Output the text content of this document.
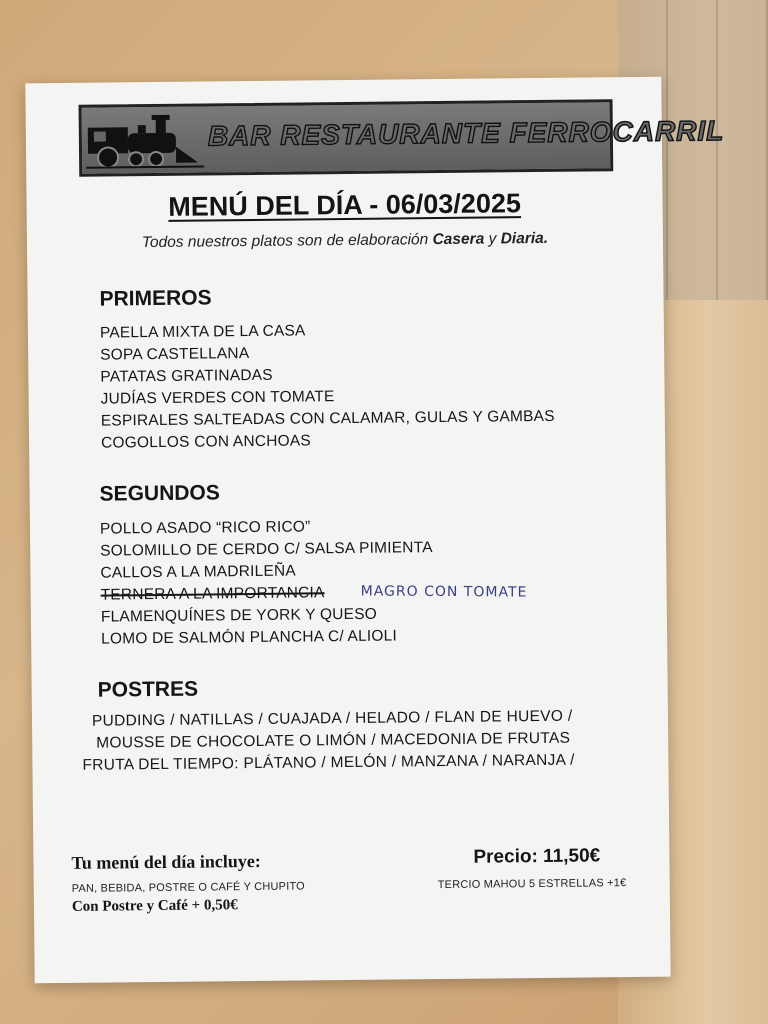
BAR RESTAURANTE FERROCARRIL
MENÚ DEL DÍA - 06/03/2025
Todos nuestros platos son de elaboración Casera y Diaria.
PRIMEROS
PAELLA MIXTA DE LA CASA
SOPA CASTELLANA
PATATAS GRATINADAS
JUDÍAS VERDES CON TOMATE
ESPIRALES SALTEADAS CON CALAMAR, GULAS Y GAMBAS
COGOLLOS CON ANCHOAS
SEGUNDOS
POLLO ASADO “RICO RICO”
SOLOMILLO DE CERDO C/ SALSA PIMIENTA
CALLOS A LA MADRILEÑA
TERNERA A LA IMPORTANCIA	MAGRO CON TOMATE
FLAMENQUÍNES DE YORK Y QUESO
LOMO DE SALMÓN PLANCHA C/ ALIOLI
POSTRES
PUDDING / NATILLAS / CUAJADA / HELADO / FLAN DE HUEVO /
MOUSSE DE CHOCOLATE O LIMÓN / MACEDONIA DE FRUTAS
FRUTA DEL TIEMPO: PLÁTANO / MELÓN / MANZANA / NARANJA /
Tu menú del día incluye:
PAN, BEBIDA, POSTRE O CAFÉ Y CHUPITO
Con Postre y Café + 0,50€
Precio: 11,50€
TERCIO MAHOU 5 ESTRELLAS +1€
